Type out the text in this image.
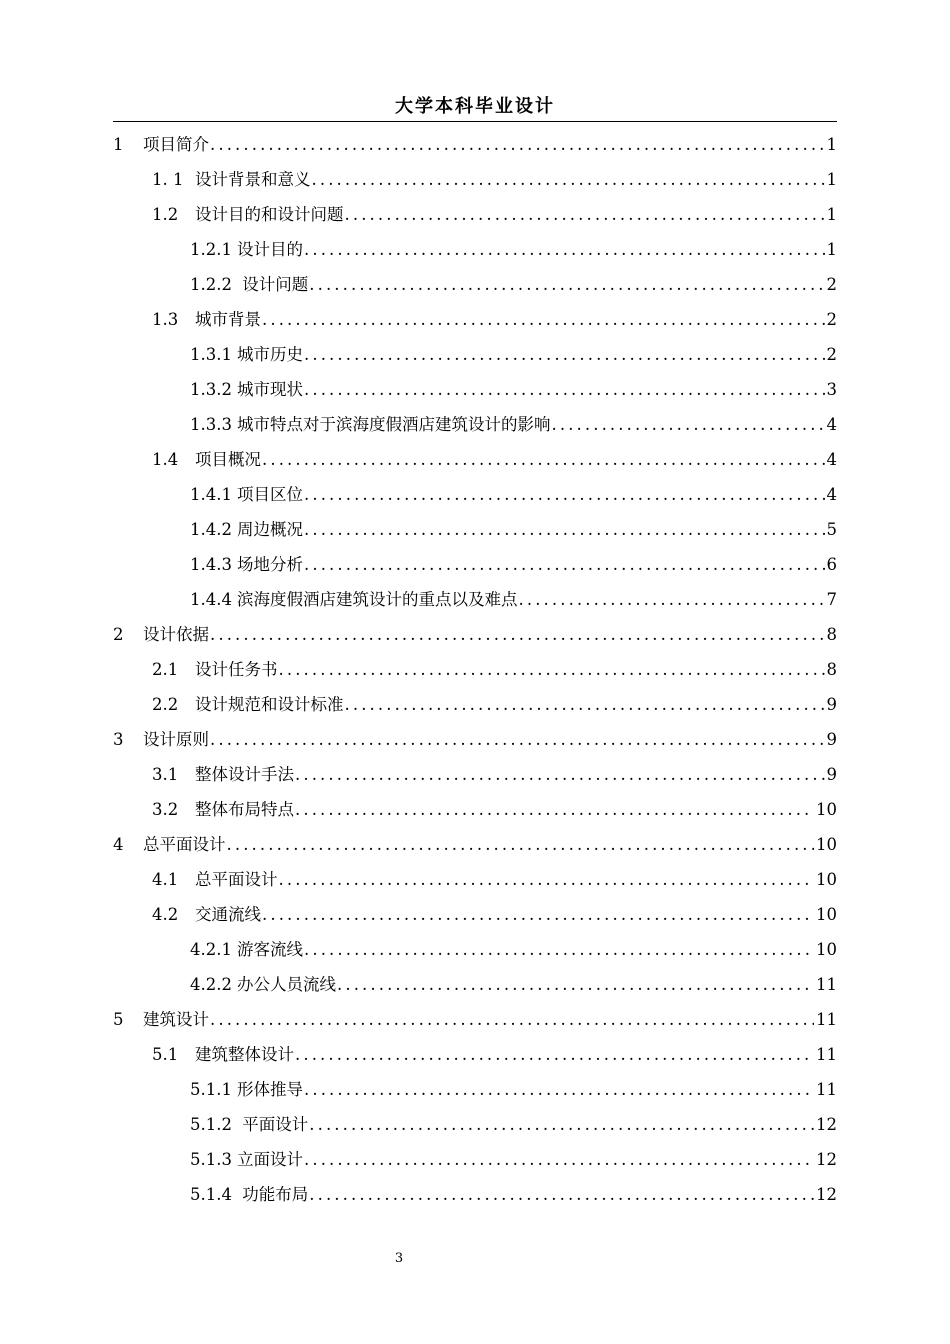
大学本科毕业设计
1	项目简介 .....	1
1. 1 设计背景和意义 .....	1
1.2	设计目的和设计问题 .....	1
1.2.1 设计目的 .....	1
1.2.2 设计问题 .....	2
1.3	城市背景 .....	2
1.3.1 城市历史 .....	2
1.3.2 城市现状 .....	3
1.3.3 城市特点对于滨海度假酒店建筑设计的影响 .....	4
1.4	项目概况 .....	4
1.4.1 项目区位 .....	4
1.4.2 周边概况 .....	5
1.4.3 场地分析 .....	6
1.4.4 滨海度假酒店建筑设计的重点以及难点 .....	7
2	设计依据 .....	8
2.1	设计任务书 .....	8
2.2	设计规范和设计标准 .....	9
3	设计原则 .....	9
3.1	整体设计手法 .....	9
3.2	整体布局特点 .....	10
4	总平面设计 .....	10
4.1	总平面设计 .....	10
4.2	交通流线 .....	10
4.2.1 游客流线 .....	10
4.2.2 办公人员流线 .....	11
5	建筑设计 .....	11
5.1	建筑整体设计 .....	11
5.1.1 形体推导 .....	11
5.1.2 平面设计 .....	12
5.1.3 立面设计 .....	12
5.1.4 功能布局 .....	12
3
